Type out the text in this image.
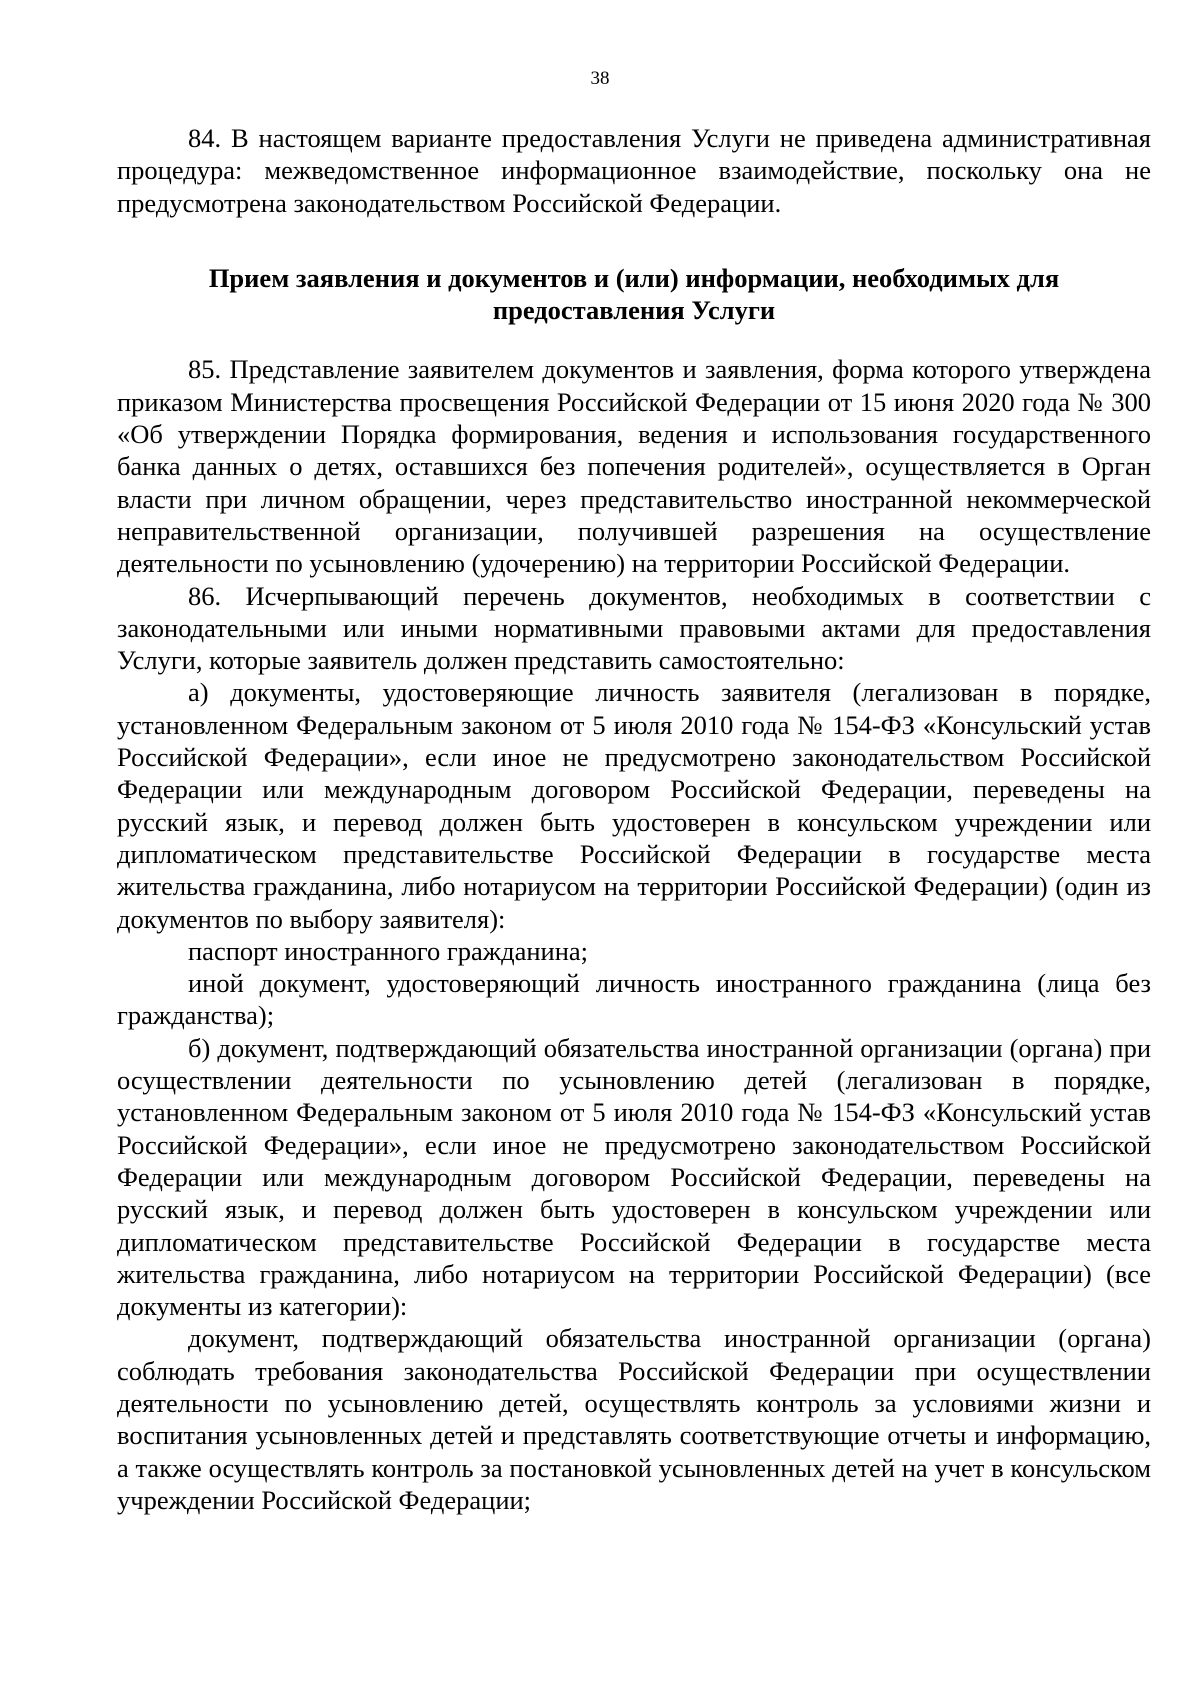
38

84. В настоящем варианте предоставления Услуги не приведена административная процедура: межведомственное информационное взаимодействие, поскольку она не предусмотрена законодательством Российской Федерации.

Прием заявления и документов и (или) информации, необходимых для предоставления Услуги

85. Представление заявителем документов и заявления, форма которого утверждена приказом Министерства просвещения Российской Федерации от 15 июня 2020 года № 300 «Об утверждении Порядка формирования, ведения и использования государственного банка данных о детях, оставшихся без попечения родителей», осуществляется в Орган власти при личном обращении, через представительство иностранной некоммерческой неправительственной организации, получившей разрешения на осуществление деятельности по усыновлению (удочерению) на территории Российской Федерации.

86. Исчерпывающий перечень документов, необходимых в соответствии с законодательными или иными нормативными правовыми актами для предоставления Услуги, которые заявитель должен представить самостоятельно:

а) документы, удостоверяющие личность заявителя (легализован в порядке, установленном Федеральным законом от 5 июля 2010 года № 154-ФЗ «Консульский устав Российской Федерации», если иное не предусмотрено законодательством Российской Федерации или международным договором Российской Федерации, переведены на русский язык, и перевод должен быть удостоверен в консульском учреждении или дипломатическом представительстве Российской Федерации в государстве места жительства гражданина, либо нотариусом на территории Российской Федерации) (один из документов по выбору заявителя):

паспорт иностранного гражданина;

иной документ, удостоверяющий личность иностранного гражданина (лица без гражданства);

б) документ, подтверждающий обязательства иностранной организации (органа) при осуществлении деятельности по усыновлению детей (легализован в порядке, установленном Федеральным законом от 5 июля 2010 года № 154-ФЗ «Консульский устав Российской Федерации», если иное не предусмотрено законодательством Российской Федерации или международным договором Российской Федерации, переведены на русский язык, и перевод должен быть удостоверен в консульском учреждении или дипломатическом представительстве Российской Федерации в государстве места жительства гражданина, либо нотариусом на территории Российской Федерации) (все документы из категории):

документ, подтверждающий обязательства иностранной организации (органа) соблюдать требования законодательства Российской Федерации при осуществлении деятельности по усыновлению детей, осуществлять контроль за условиями жизни и воспитания усыновленных детей и представлять соответствующие отчеты и информацию, а также осуществлять контроль за постановкой усыновленных детей на учет в консульском учреждении Российской Федерации;
